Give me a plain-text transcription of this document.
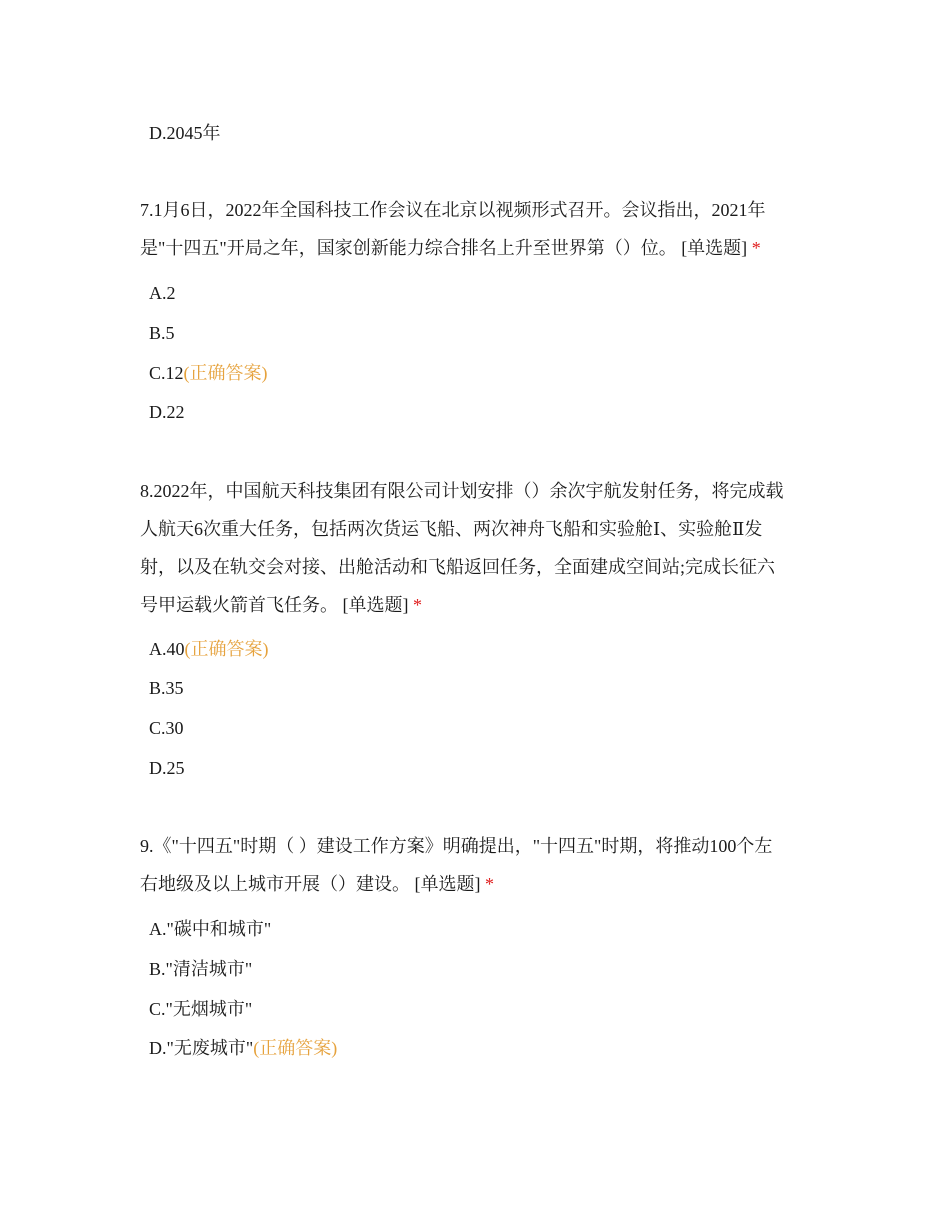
D.2045年
7.1月6日，2022年全国科技工作会议在北京以视频形式召开。会议指出，2021年
是"十四五"开局之年，国家创新能力综合排名上升至世界第（）位。 [单选题] *
A.2
B.5
C.12(正确答案)
D.22
8.2022年，中国航天科技集团有限公司计划安排（）余次宇航发射任务，将完成载
人航天6次重大任务，包括两次货运飞船、两次神舟飞船和实验舱Ⅰ、实验舱Ⅱ发
射，以及在轨交会对接、出舱活动和飞船返回任务，全面建成空间站;完成长征六
号甲运载火箭首飞任务。 [单选题] *
A.40(正确答案)
B.35
C.30
D.25
9.《"十四五"时期（ ）建设工作方案》明确提出，"十四五"时期，将推动100个左
右地级及以上城市开展（）建设。 [单选题] *
A."碳中和城市"
B."清洁城市"
C."无烟城市"
D."无废城市"(正确答案)
